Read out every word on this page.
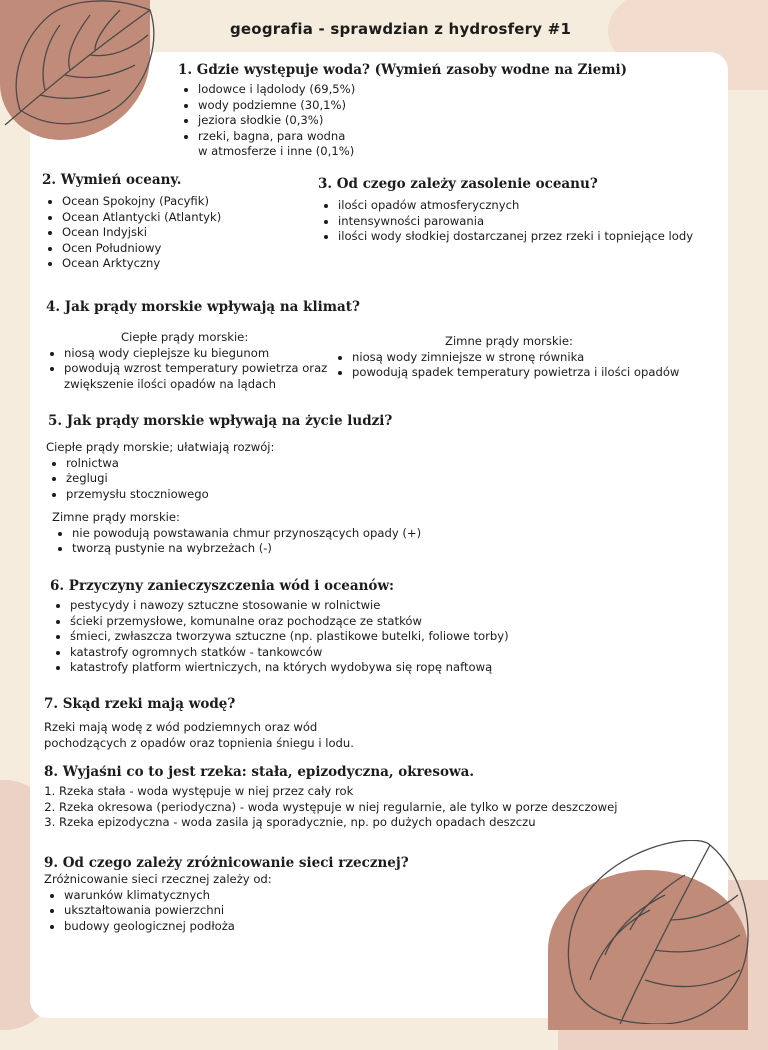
geografia - sprawdzian z hydrosfery #1

1. Gdzie występuje woda? (Wymień zasoby wodne na Ziemi)

• lodowce i lądolody (69,5%)
• wody podziemne (30,1%)
• jeziora słodkie (0,3%)
• rzeki, bagna, para wodna
w atmosferze i inne (0,1%)

2. Wymień oceany.

• Ocean Spokojny (Pacyfik)
• Ocean Atlantycki (Atlantyk)
• Ocean Indyjski
• Ocen Południowy
• Ocean Arktyczny

3. Od czego zależy zasolenie oceanu?

• ilości opadów atmosferycznych
• intensywności parowania
• ilości wody słodkiej dostarczanej przez rzeki i topniejące lody

4. Jak prądy morskie wpływają na klimat?

Ciepłe prądy morskie:

• niosą wody cieplejsze ku biegunom
• powodują wzrost temperatury powietrza oraz
zwiększenie ilości opadów na lądach

Zimne prądy morskie:

• niosą wody zimniejsze w stronę równika
• powodują spadek temperatury powietrza i ilości opadów

5. Jak prądy morskie wpływają na życie ludzi?

Ciepłe prądy morskie; ułatwiają rozwój:

• rolnictwa
• żeglugi
• przemysłu stoczniowego

Zimne prądy morskie:

• nie powodują powstawania chmur przynoszących opady (+)
• tworzą pustynie na wybrzeżach (-)

6. Przyczyny zanieczyszczenia wód i oceanów:

• pestycydy i nawozy sztuczne stosowanie w rolnictwie
• ścieki przemysłowe, komunalne oraz pochodzące ze statków
• śmieci, zwłaszcza tworzywa sztuczne (np. plastikowe butelki, foliowe torby)
• katastrofy ogromnych statków - tankowców
• katastrofy platform wiertniczych, na których wydobywa się ropę naftową

7. Skąd rzeki mają wodę?

Rzeki mają wodę z wód podziemnych oraz wód

pochodzących z opadów oraz topnienia śniegu i lodu.

8. Wyjaśni co to jest rzeka: stała, epizodyczna, okresowa.

1. Rzeka stała - woda występuje w niej przez cały rok
2. Rzeka okresowa (periodyczna) - woda występuje w niej regularnie, ale tylko w porze deszczowej
3. Rzeka epizodyczna - woda zasila ją sporadycznie, np. po dużych opadach deszczu

9. Od czego zależy zróżnicowanie sieci rzecznej?

Zróżnicowanie sieci rzecznej zależy od:

• warunków klimatycznych
• ukształtowania powierzchni
• budowy geologicznej podłoża
